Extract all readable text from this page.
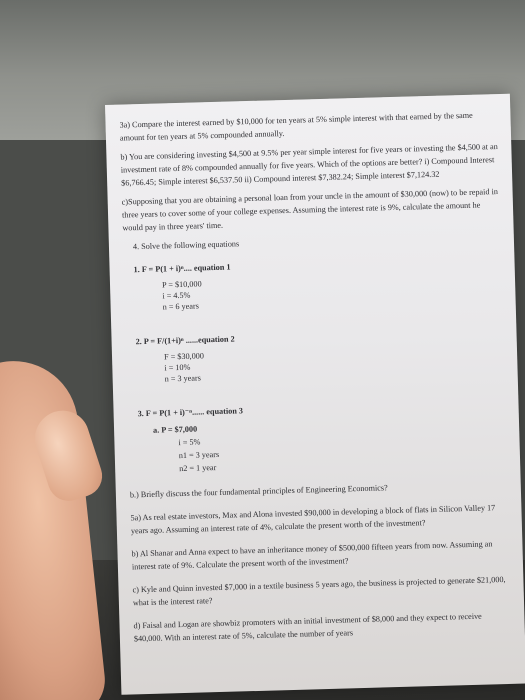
3a) Compare the interest earned by $10,000 for ten years at 5% simple interest with that earned by the same amount for ten years at 5% compounded annually.
b) You are considering investing $4,500 at 9.5% per year simple interest for five years or investing the $4,500 at an investment rate of 8% compounded annually for five years. Which of the options are better? i) Compound Interest $6,766.45; Simple interest $6,537.50 ii) Compound interest $7,382.24; Simple interest $7,124.32
c)Supposing that you are obtaining a personal loan from your uncle in the amount of $30,000 (now) to be repaid in three years to cover some of your college expenses. Assuming the interest rate is 9%, calculate the amount he would pay in three years' time.
4. Solve the following equations
1. F = P(1 + i)ⁿ.... equation 1
P = $10,000
i = 4.5%
n = 6 years
2. P = F/(1+i)ⁿ ......equation 2
F = $30,000
i = 10%
n = 3 years
3. F = P(1 + i)⁻ⁿ...... equation 3
a. P = $7,000
i = 5%
n1 = 3 years
n2 = 1 year
b.) Briefly discuss the four fundamental principles of Engineering Economics?
5a) As real estate investors, Max and Alona invested $90,000 in developing a block of flats in Silicon Valley 17 years ago. Assuming an interest rate of 4%, calculate the present worth of the investment?
b) Al Shanar and Anna expect to have an inheritance money of $500,000 fifteen years from now. Assuming an interest rate of 9%. Calculate the present worth of the investment?
c) Kyle and Quinn invested $7,000 in a textile business 5 years ago, the business is projected to generate $21,000, what is the interest rate?
d) Faisal and Logan are showbiz promoters with an initial investment of $8,000 and they expect to receive $40,000. With an interest rate of 5%, calculate the number of years
